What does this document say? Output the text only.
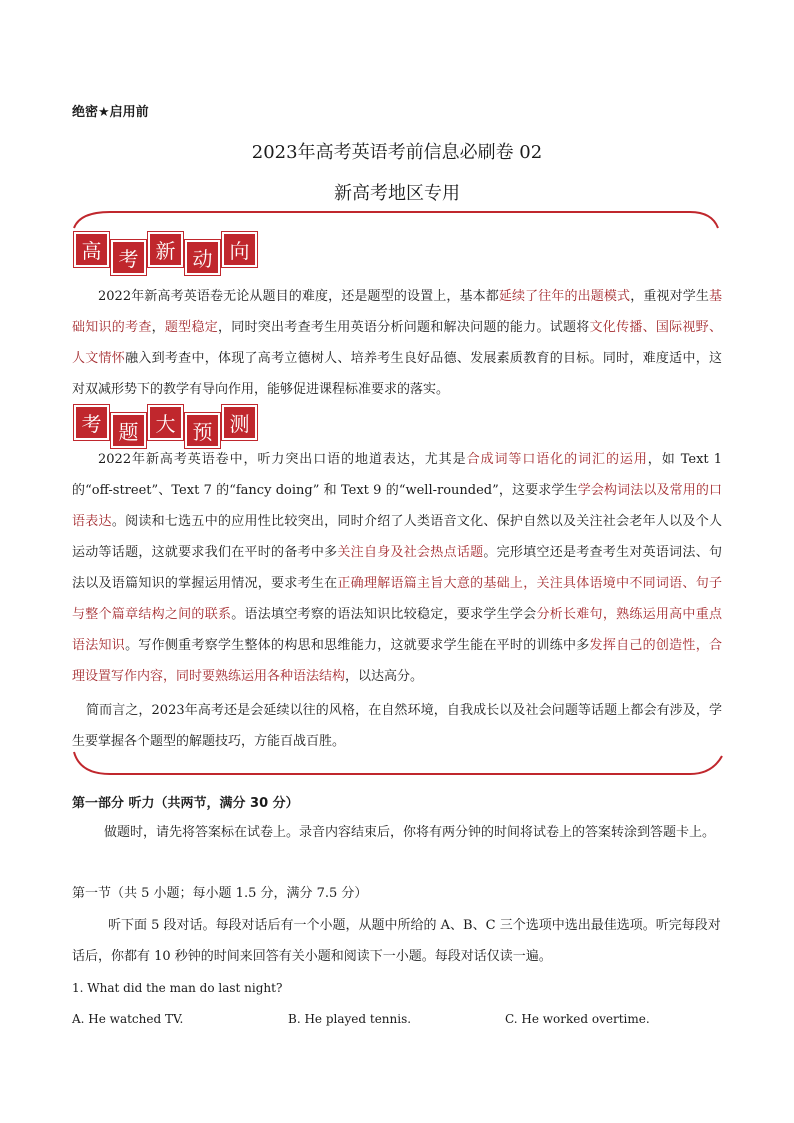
绝密★启用前
2023年高考英语考前信息必刷卷 02
新高考地区专用
高 考 新 动 向
2022年新高考英语卷无论从题目的难度，还是题型的设置上，基本都延续了往年的出题模式，重视对学生基础知识的考查，题型稳定，同时突出考查考生用英语分析问题和解决问题的能力。试题将文化传播、国际视野、人文情怀融入到考查中，体现了高考立德树人、培养考生良好品德、发展素质教育的目标。同时，难度适中，这对双减形势下的教学有导向作用，能够促进课程标准要求的落实。
考 题 大 预 测
2022年新高考英语卷中，听力突出口语的地道表达，尤其是合成词等口语化的词汇的运用，如 Text 1 的“off-street”、Text 7 的“fancy doing” 和 Text 9 的“well-rounded”，这要求学生学会构词法以及常用的口语表达。阅读和七选五中的应用性比较突出，同时介绍了人类语音文化、保护自然以及关注社会老年人以及个人运动等话题，这就要求我们在平时的备考中多关注自身及社会热点话题。完形填空还是考查考生对英语词法、句法以及语篇知识的掌握运用情况，要求考生在正确理解语篇主旨大意的基础上，关注具体语境中不同词语、句子与整个篇章结构之间的联系。语法填空考察的语法知识比较稳定，要求学生学会分析长难句，熟练运用高中重点语法知识。写作侧重考察学生整体的构思和思维能力，这就要求学生能在平时的训练中多发挥自己的创造性，合理设置写作内容，同时要熟练运用各种语法结构，以达高分。
简而言之，2023年高考还是会延续以往的风格，在自然环境，自我成长以及社会问题等话题上都会有涉及，学生要掌握各个题型的解题技巧，方能百战百胜。
第一部分 听力（共两节，满分 30 分）
做题时，请先将答案标在试卷上。录音内容结束后，你将有两分钟的时间将试卷上的答案转涂到答题卡上。
第一节（共 5 小题；每小题 1.5 分，满分 7.5 分）
听下面 5 段对话。每段对话后有一个小题，从题中所给的 A、B、C 三个选项中选出最佳选项。听完每段对话后，你都有 10 秒钟的时间来回答有关小题和阅读下一小题。每段对话仅读一遍。
1. What did the man do last night?
A. He watched TV.	B. He played tennis.	C. He worked overtime.
